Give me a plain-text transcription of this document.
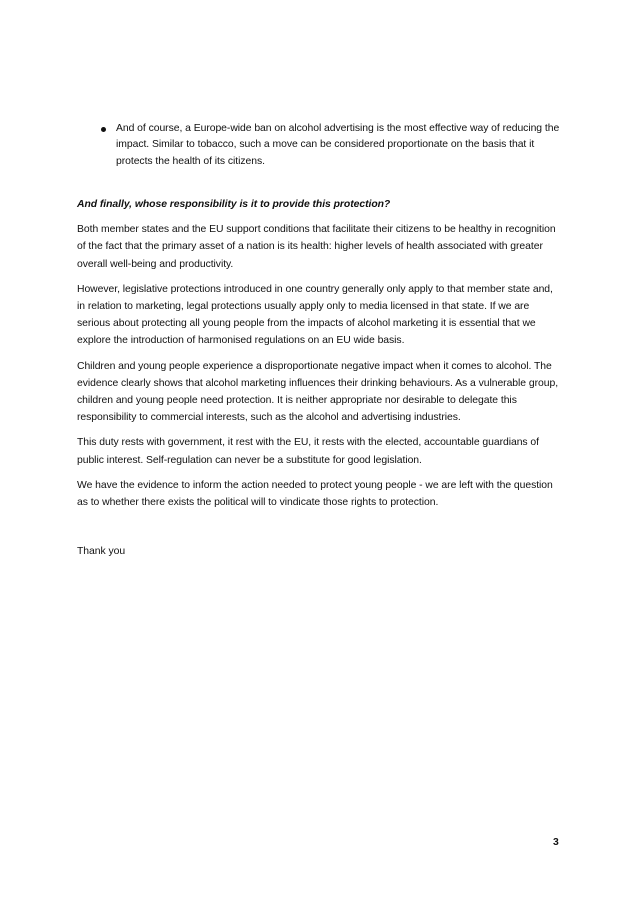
And of course, a Europe-wide ban on alcohol advertising is the most effective way of reducing the impact. Similar to tobacco, such a move can be considered proportionate on the basis that it protects the health of its citizens.

And finally, whose responsibility is it to provide this protection?

Both member states and the EU support conditions that facilitate their citizens to be healthy in recognition of the fact that the primary asset of a nation is its health: higher levels of health associated with greater overall well-being and productivity.

However, legislative protections introduced in one country generally only apply to that member state and, in relation to marketing, legal protections usually apply only to media licensed in that state. If we are serious about protecting all young people from the impacts of alcohol marketing it is essential that we explore the introduction of harmonised regulations on an EU wide basis.

Children and young people experience a disproportionate negative impact when it comes to alcohol. The evidence clearly shows that alcohol marketing influences their drinking behaviours. As a vulnerable group, children and young people need protection. It is neither appropriate nor desirable to delegate this responsibility to commercial interests, such as the alcohol and advertising industries.

This duty rests with government, it rest with the EU, it rests with the elected, accountable guardians of public interest. Self-regulation can never be a substitute for good legislation.

We have the evidence to inform the action needed to protect young people - we are left with the question as to whether there exists the political will to vindicate those rights to protection.

Thank you

3
